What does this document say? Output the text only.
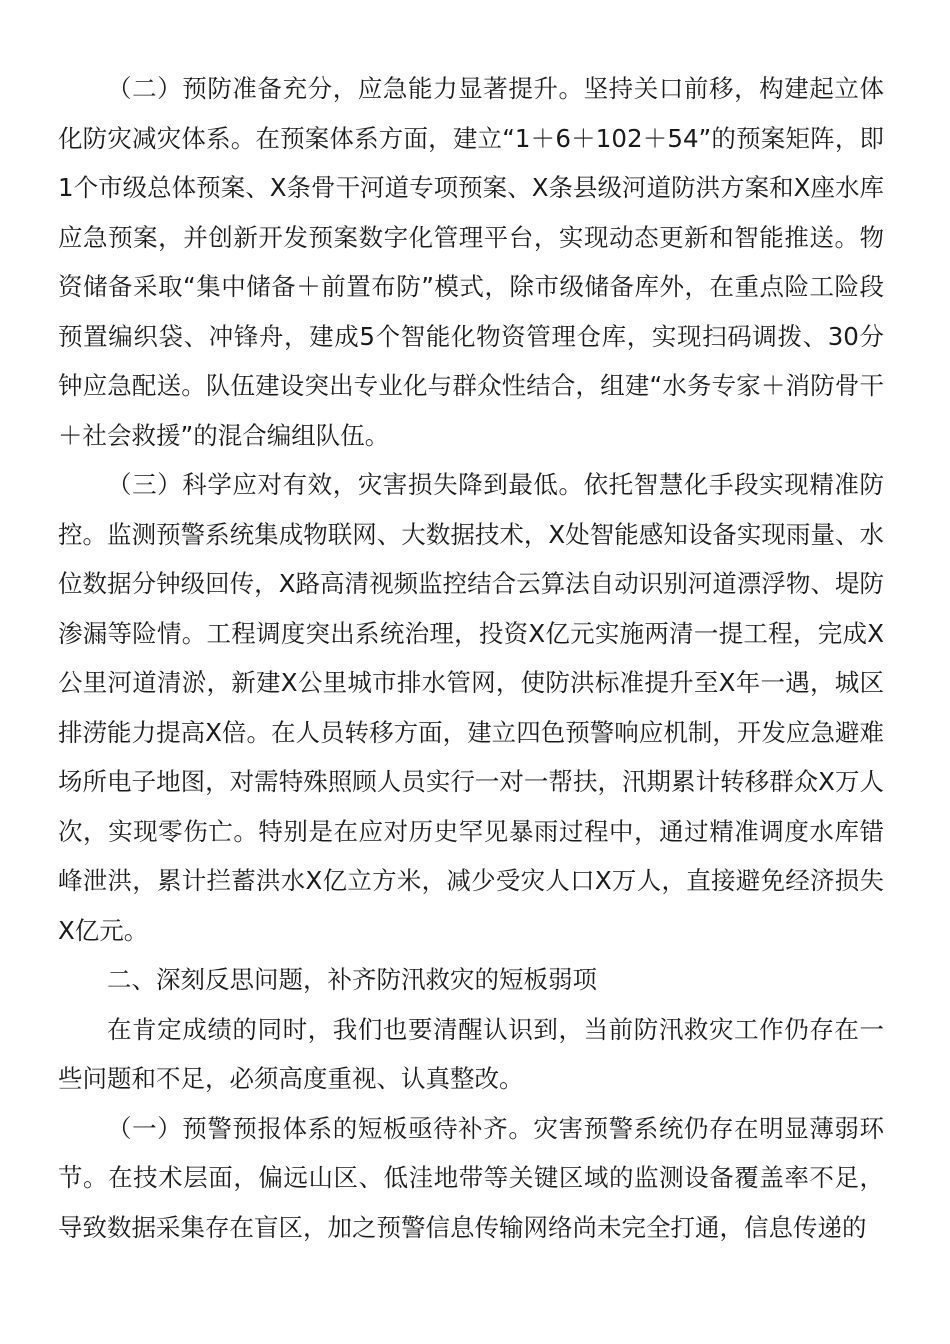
（二）预防准备充分，应急能力显著提升。坚持关口前移，构建起立体化防灾减灾体系。在预案体系方面，建立“1＋6＋102＋54”的预案矩阵，即1个市级总体预案、X条骨干河道专项预案、X条县级河道防洪方案和X座水库应急预案，并创新开发预案数字化管理平台，实现动态更新和智能推送。物资储备采取“集中储备＋前置布防”模式，除市级储备库外，在重点险工险段预置编织袋、冲锋舟，建成5个智能化物资管理仓库，实现扫码调拨、30分钟应急配送。队伍建设突出专业化与群众性结合，组建“水务专家＋消防骨干＋社会救援”的混合编组队伍。

（三）科学应对有效，灾害损失降到最低。依托智慧化手段实现精准防控。监测预警系统集成物联网、大数据技术，X处智能感知设备实现雨量、水位数据分钟级回传，X路高清视频监控结合云算法自动识别河道漂浮物、堤防渗漏等险情。工程调度突出系统治理，投资X亿元实施两清一提工程，完成X公里河道清淤，新建X公里城市排水管网，使防洪标准提升至X年一遇，城区排涝能力提高X倍。在人员转移方面，建立四色预警响应机制，开发应急避难场所电子地图，对需特殊照顾人员实行一对一帮扶，汛期累计转移群众X万人次，实现零伤亡。特别是在应对历史罕见暴雨过程中，通过精准调度水库错峰泄洪，累计拦蓄洪水X亿立方米，减少受灾人口X万人，直接避免经济损失X亿元。

二、深刻反思问题，补齐防汛救灾的短板弱项

在肯定成绩的同时，我们也要清醒认识到，当前防汛救灾工作仍存在一些问题和不足，必须高度重视、认真整改。

（一）预警预报体系的短板亟待补齐。灾害预警系统仍存在明显薄弱环节。在技术层面，偏远山区、低洼地带等关键区域的监测设备覆盖率不足，导致数据采集存在盲区，加之预警信息传输网络尚未完全打通，信息传递的
